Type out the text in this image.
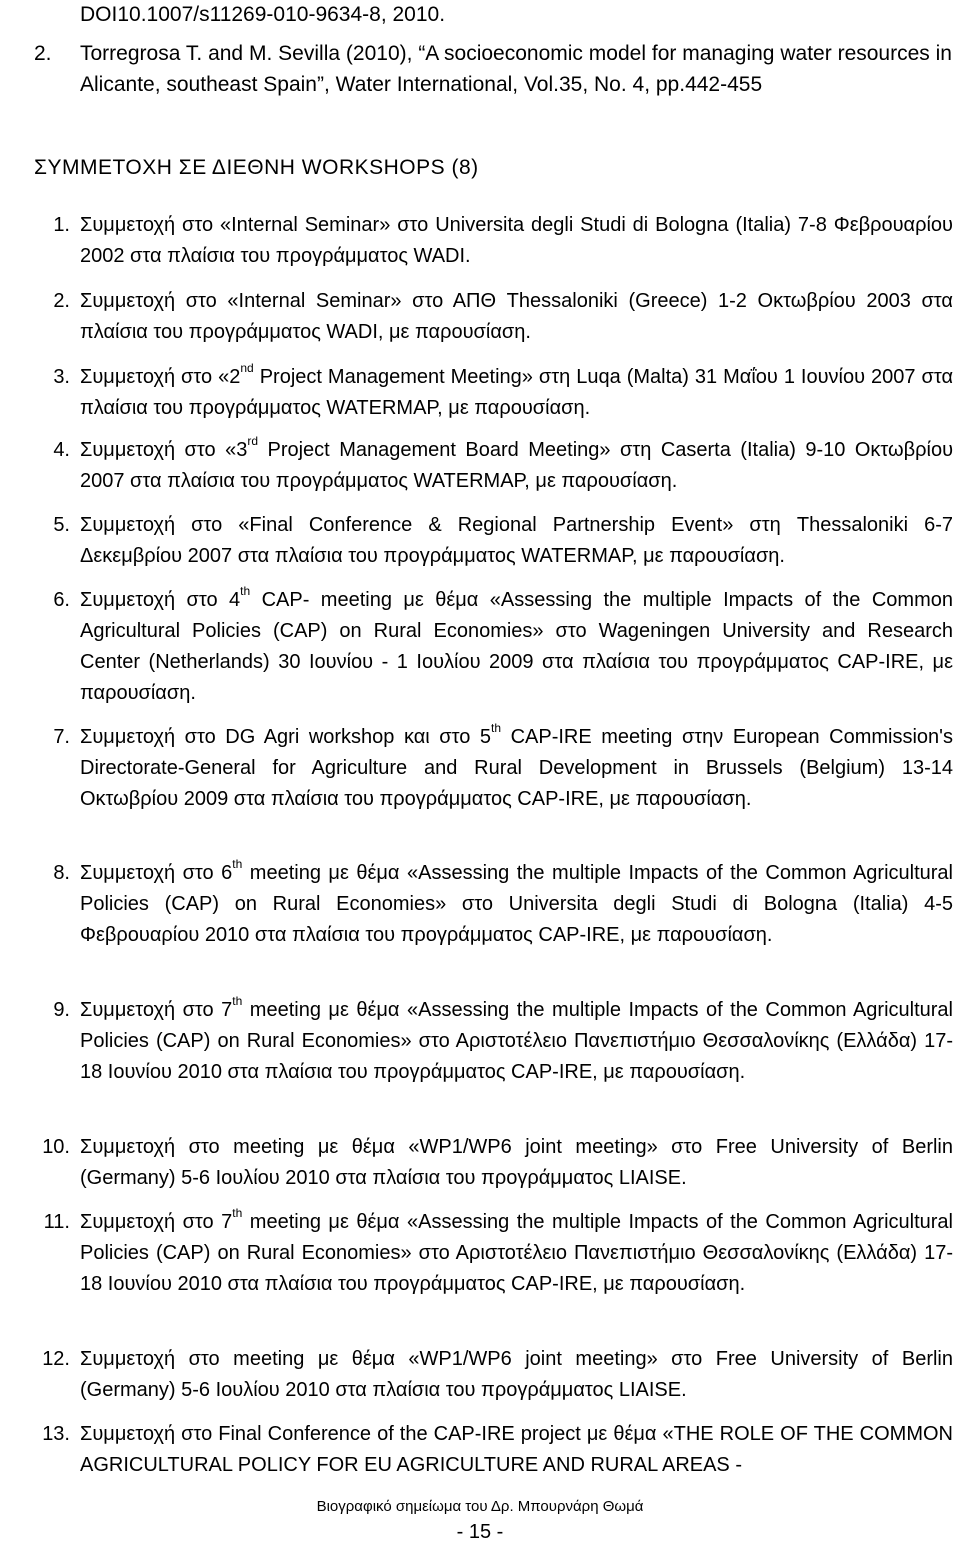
DOI10.1007/s11269-010-9634-8, 2010.
2. Torregrosa T. and M. Sevilla (2010), “A socioeconomic model for managing water resources in Alicante, southeast Spain”, Water International, Vol.35, No. 4, pp.442-455
ΣΥΜΜΕΤΟΧΗ ΣΕ ΔΙΕΘΝΗ WORKSHOPS (8)
1. Συμμετοχή στο «Internal Seminar» στο Universita degli Studi di Bologna (Italia) 7-8 Φεβρουαρίου 2002 στα πλαίσια του προγράμματος WADI.
2. Συμμετοχή στο «Internal Seminar» στο ΑΠΘ Thessaloniki (Greece) 1-2 Οκτωβρίου 2003 στα πλαίσια του προγράμματος WADI, με παρουσίαση.
3. Συμμετοχή στο «2nd Project Management Meeting» στη Luqa (Malta) 31 Μαΐου 1 Ιουνίου 2007 στα πλαίσια του προγράμματος WATERMAP, με παρουσίαση.
4. Συμμετοχή στο «3rd Project Management Board Meeting» στη Caserta (Italia) 9-10 Οκτωβρίου 2007 στα πλαίσια του προγράμματος WATERMAP, με παρουσίαση.
5. Συμμετοχή στο «Final Conference & Regional Partnership Event» στη Thessaloniki 6-7 Δεκεμβρίου 2007 στα πλαίσια του προγράμματος WATERMAP, με παρουσίαση.
6. Συμμετοχή στο 4th CAP- meeting με θέμα «Assessing the multiple Impacts of the Common Agricultural Policies (CAP) on Rural Economies» στο Wageningen University and Research Center (Netherlands) 30 Ιουνίου - 1 Ιουλίου 2009 στα πλαίσια του προγράμματος CAP-IRE, με παρουσίαση.
7. Συμμετοχή στο DG Agri workshop και στο 5th CAP-IRE meeting στην European Commission's Directorate-General for Agriculture and Rural Development in Brussels (Belgium) 13-14 Οκτωβρίου 2009 στα πλαίσια του προγράμματος CAP-IRE, με παρουσίαση.
8. Συμμετοχή στο 6th meeting με θέμα «Assessing the multiple Impacts of the Common Agricultural Policies (CAP) on Rural Economies» στο Universita degli Studi di Bologna (Italia) 4-5 Φεβρουαρίου 2010 στα πλαίσια του προγράμματος CAP-IRE, με παρουσίαση.
9. Συμμετοχή στο 7th meeting με θέμα «Assessing the multiple Impacts of the Common Agricultural Policies (CAP) on Rural Economies» στο Αριστοτέλειο Πανεπιστήμιο Θεσσαλονίκης (Ελλάδα) 17-18 Ιουνίου 2010 στα πλαίσια του προγράμματος CAP-IRE, με παρουσίαση.
10. Συμμετοχή στο meeting με θέμα «WP1/WP6 joint meeting» στο Free University of Berlin (Germany) 5-6 Ιουλίου 2010 στα πλαίσια του προγράμματος LIAISE.
11. Συμμετοχή στο 7th meeting με θέμα «Assessing the multiple Impacts of the Common Agricultural Policies (CAP) on Rural Economies» στο Αριστοτέλειο Πανεπιστήμιο Θεσσαλονίκης (Ελλάδα) 17-18 Ιουνίου 2010 στα πλαίσια του προγράμματος CAP-IRE, με παρουσίαση.
12. Συμμετοχή στο meeting με θέμα «WP1/WP6 joint meeting» στο Free University of Berlin (Germany) 5-6 Ιουλίου 2010 στα πλαίσια του προγράμματος LIAISE.
13. Συμμετοχή στο Final Conference of the CAP-IRE project με θέμα «THE ROLE OF THE COMMON AGRICULTURAL POLICY FOR EU AGRICULTURE AND RURAL AREAS -
Βιογραφικό σημείωμα του Δρ. Μπουρνάρη Θωμά
- 15 -
